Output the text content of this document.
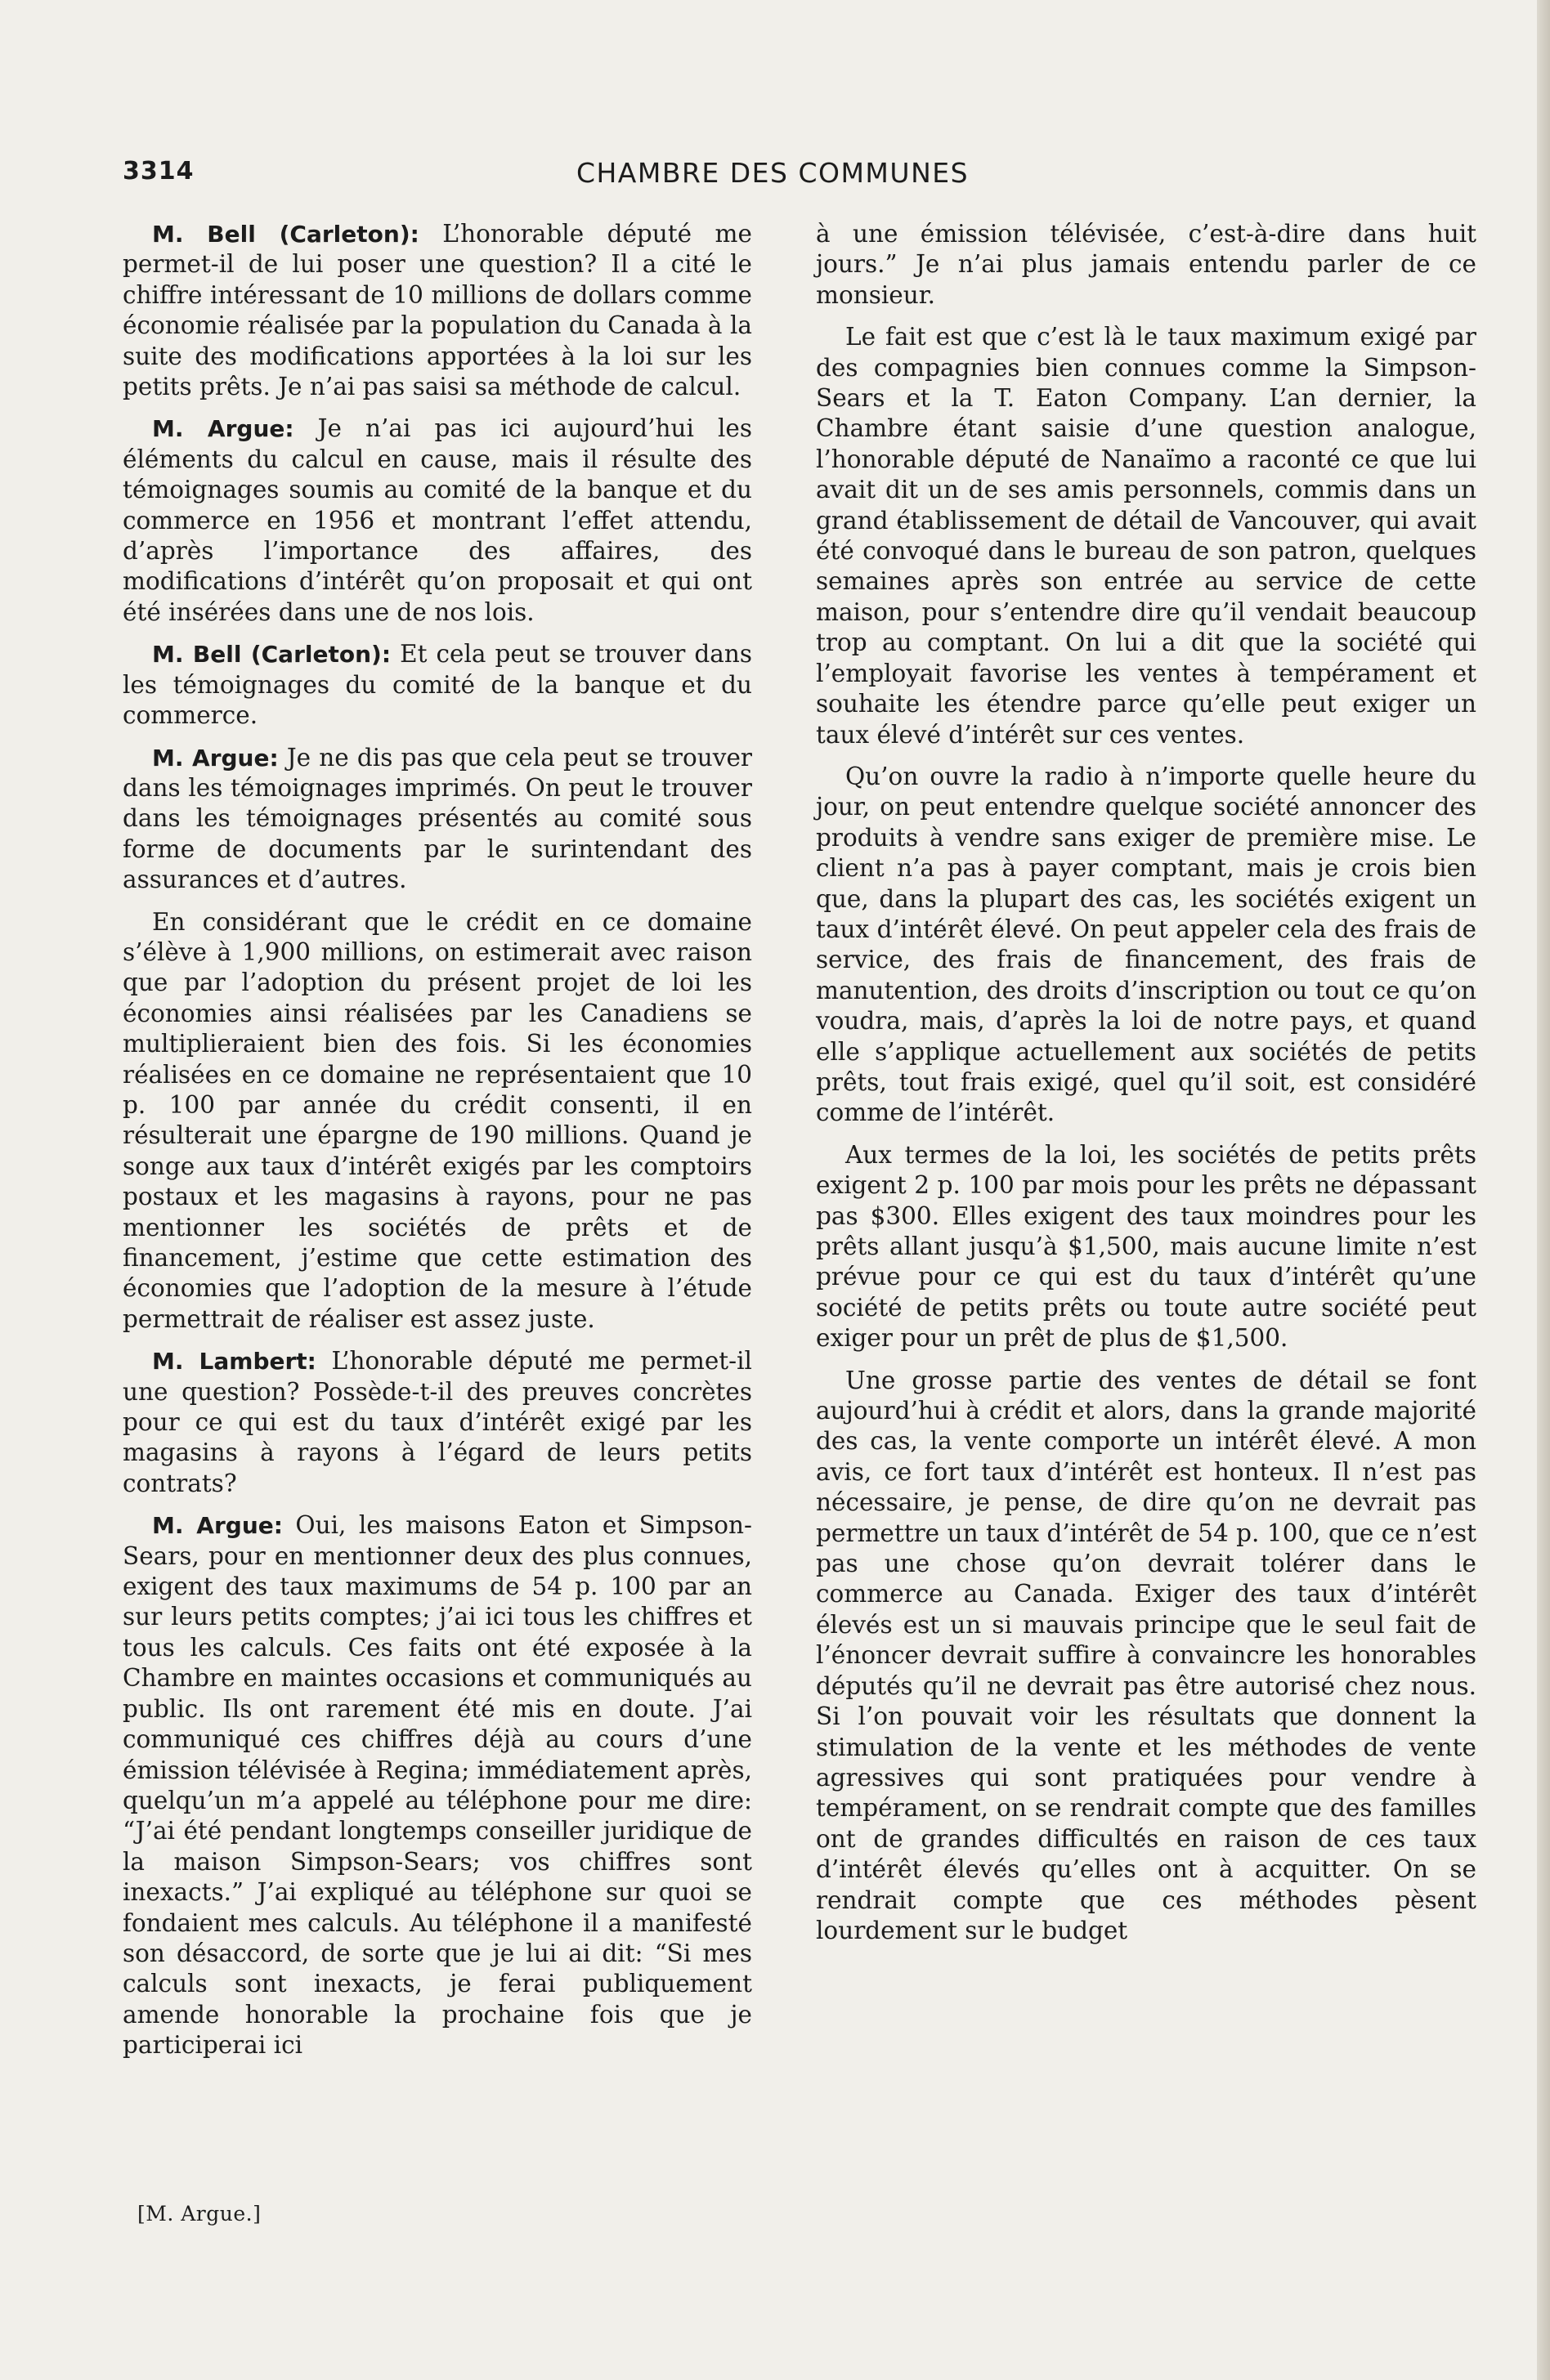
3314	CHAMBRE DES COMMUNES

M. Bell (Carleton): L’honorable député me permet-il de lui poser une question? Il a cité le chiffre intéressant de 10 millions de dollars comme économie réalisée par la population du Canada à la suite des modifications apportées à la loi sur les petits prêts. Je n’ai pas saisi sa méthode de calcul.

M. Argue: Je n’ai pas ici aujourd’hui les éléments du calcul en cause, mais il résulte des témoignages soumis au comité de la banque et du commerce en 1956 et montrant l’effet attendu, d’après l’importance des affaires, des modifications d’intérêt qu’on proposait et qui ont été insérées dans une de nos lois.

M. Bell (Carleton): Et cela peut se trouver dans les témoignages du comité de la banque et du commerce.

M. Argue: Je ne dis pas que cela peut se trouver dans les témoignages imprimés. On peut le trouver dans les témoignages présentés au comité sous forme de documents par le surintendant des assurances et d’autres.

En considérant que le crédit en ce domaine s’élève à 1,900 millions, on estimerait avec raison que par l’adoption du présent projet de loi les économies ainsi réalisées par les Canadiens se multiplieraient bien des fois. Si les économies réalisées en ce domaine ne représentaient que 10 p. 100 par année du crédit consenti, il en résulterait une épargne de 190 millions. Quand je songe aux taux d’intérêt exigés par les comptoirs postaux et les magasins à rayons, pour ne pas mentionner les sociétés de prêts et de financement, j’estime que cette estimation des économies que l’adoption de la mesure à l’étude permettrait de réaliser est assez juste.

M. Lambert: L’honorable député me permet-il une question? Possède-t-il des preuves concrètes pour ce qui est du taux d’intérêt exigé par les magasins à rayons à l’égard de leurs petits contrats?

M. Argue: Oui, les maisons Eaton et Simpson-Sears, pour en mentionner deux des plus connues, exigent des taux maximums de 54 p. 100 par an sur leurs petits comptes; j’ai ici tous les chiffres et tous les calculs. Ces faits ont été exposée à la Chambre en maintes occasions et communiqués au public. Ils ont rarement été mis en doute. J’ai communiqué ces chiffres déjà au cours d’une émission télévisée à Regina; immédiatement après, quelqu’un m’a appelé au téléphone pour me dire: “J’ai été pendant longtemps conseiller juridique de la maison Simpson-Sears; vos chiffres sont inexacts.” J’ai expliqué au téléphone sur quoi se fondaient mes calculs. Au téléphone il a manifesté son désaccord, de sorte que je lui ai dit: “Si mes calculs sont inexacts, je ferai publiquement amende honorable la prochaine fois que je participerai ici

à une émission télévisée, c’est-à-dire dans huit jours.” Je n’ai plus jamais entendu parler de ce monsieur.

Le fait est que c’est là le taux maximum exigé par des compagnies bien connues comme la Simpson-Sears et la T. Eaton Company. L’an dernier, la Chambre étant saisie d’une question analogue, l’honorable député de Nanaïmo a raconté ce que lui avait dit un de ses amis personnels, commis dans un grand établissement de détail de Vancouver, qui avait été convoqué dans le bureau de son patron, quelques semaines après son entrée au service de cette maison, pour s’entendre dire qu’il vendait beaucoup trop au comptant. On lui a dit que la société qui l’employait favorise les ventes à tempérament et souhaite les étendre parce qu’elle peut exiger un taux élevé d’intérêt sur ces ventes.

Qu’on ouvre la radio à n’importe quelle heure du jour, on peut entendre quelque société annoncer des produits à vendre sans exiger de première mise. Le client n’a pas à payer comptant, mais je crois bien que, dans la plupart des cas, les sociétés exigent un taux d’intérêt élevé. On peut appeler cela des frais de service, des frais de financement, des frais de manutention, des droits d’inscription ou tout ce qu’on voudra, mais, d’après la loi de notre pays, et quand elle s’applique actuellement aux sociétés de petits prêts, tout frais exigé, quel qu’il soit, est considéré comme de l’intérêt.

Aux termes de la loi, les sociétés de petits prêts exigent 2 p. 100 par mois pour les prêts ne dépassant pas $300. Elles exigent des taux moindres pour les prêts allant jusqu’à $1,500, mais aucune limite n’est prévue pour ce qui est du taux d’intérêt qu’une société de petits prêts ou toute autre société peut exiger pour un prêt de plus de $1,500.

Une grosse partie des ventes de détail se font aujourd’hui à crédit et alors, dans la grande majorité des cas, la vente comporte un intérêt élevé. A mon avis, ce fort taux d’intérêt est honteux. Il n’est pas nécessaire, je pense, de dire qu’on ne devrait pas permettre un taux d’intérêt de 54 p. 100, que ce n’est pas une chose qu’on devrait tolérer dans le commerce au Canada. Exiger des taux d’intérêt élevés est un si mauvais principe que le seul fait de l’énoncer devrait suffire à convaincre les honorables députés qu’il ne devrait pas être autorisé chez nous. Si l’on pouvait voir les résultats que donnent la stimulation de la vente et les méthodes de vente agressives qui sont pratiquées pour vendre à tempérament, on se rendrait compte que des familles ont de grandes difficultés en raison de ces taux d’intérêt élevés qu’elles ont à acquitter. On se rendrait compte que ces méthodes pèsent lourdement sur le budget

[M. Argue.]
